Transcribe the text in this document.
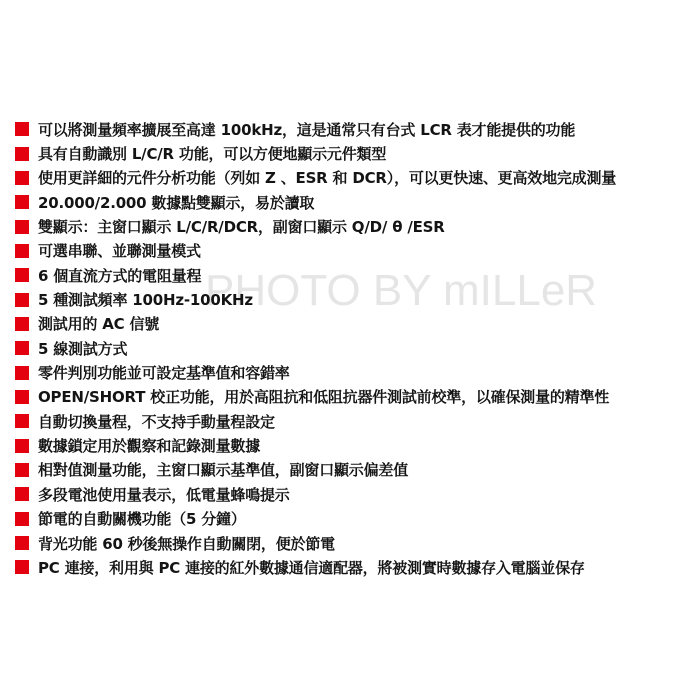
PHOTO BY mILLeR
可以將測量頻率擴展至高達 100kHz，這是通常只有台式 LCR 表才能提供的功能
具有自動識別 L/C/R 功能，可以方便地顯示元件類型
使用更詳細的元件分析功能（列如 Z 、ESR 和 DCR），可以更快速、更高效地完成測量
20.000/2.000 數據點雙顯示，易於讀取
雙顯示：主窗口顯示 L/C/R/DCR，副窗口顯示 Q/D/ θ /ESR
可選串聯、並聯測量模式
6 個直流方式的電阻量程
5 種測試頻率 100Hz-100KHz
測試用的 AC 信號
5 線測試方式
零件判別功能並可設定基準值和容錯率
OPEN/SHORT 校正功能，用於高阻抗和低阻抗器件測試前校準，以確保測量的精準性
自動切換量程，不支持手動量程設定
數據鎖定用於觀察和記錄測量數據
相對值測量功能，主窗口顯示基準值，副窗口顯示偏差值
多段電池使用量表示，低電量蜂鳴提示
節電的自動關機功能（5 分鐘）
背光功能 60 秒後無操作自動關閉，便於節電
PC 連接，利用與 PC 連接的紅外數據通信適配器，將被測實時數據存入電腦並保存
